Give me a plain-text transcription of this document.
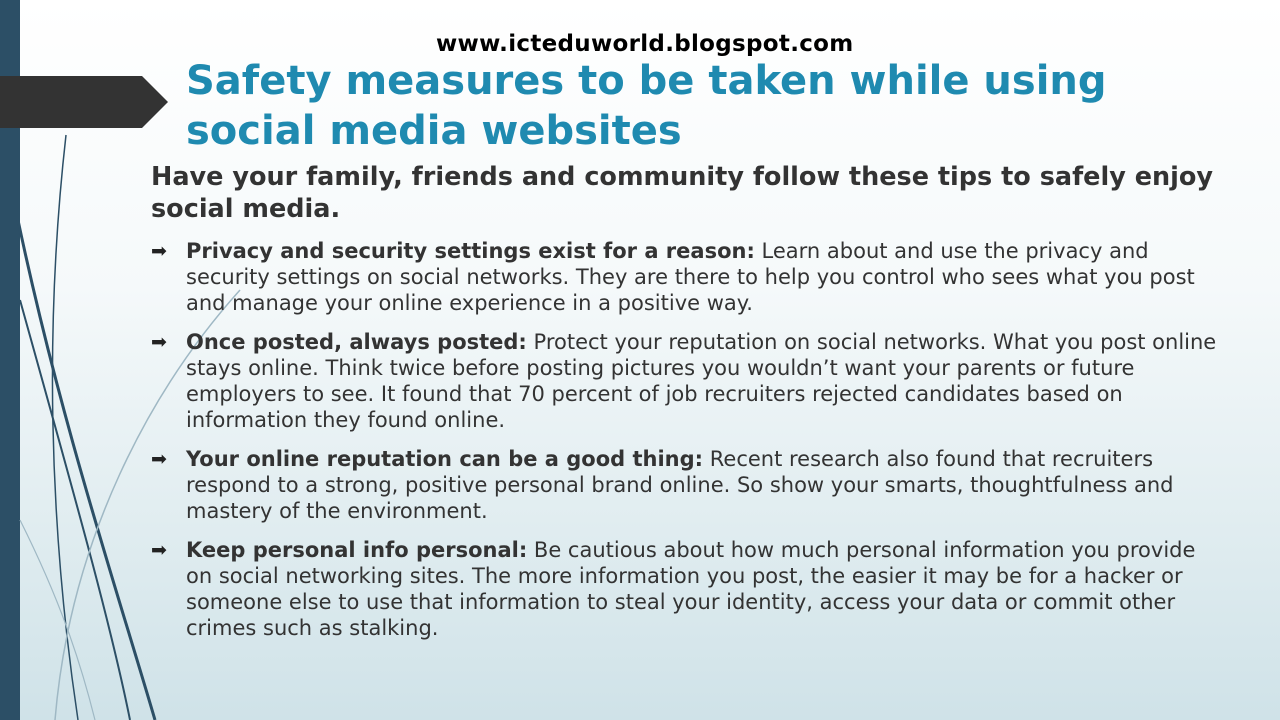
www.icteduworld.blogspot.com
Safety measures to be taken while using social media websites

Have your family, friends and community follow these tips to safely enjoy social media.

➡ Privacy and security settings exist for a reason: Learn about and use the privacy and security settings on social networks. They are there to help you control who sees what you post and manage your online experience in a positive way.
➡ Once posted, always posted: Protect your reputation on social networks. What you post online stays online. Think twice before posting pictures you wouldn’t want your parents or future employers to see. It found that 70 percent of job recruiters rejected candidates based on information they found online.
➡ Your online reputation can be a good thing: Recent research also found that recruiters respond to a strong, positive personal brand online. So show your smarts, thoughtfulness and mastery of the environment.
➡ Keep personal info personal: Be cautious about how much personal information you provide on social networking sites. The more information you post, the easier it may be for a hacker or someone else to use that information to steal your identity, access your data or commit other crimes such as stalking.
